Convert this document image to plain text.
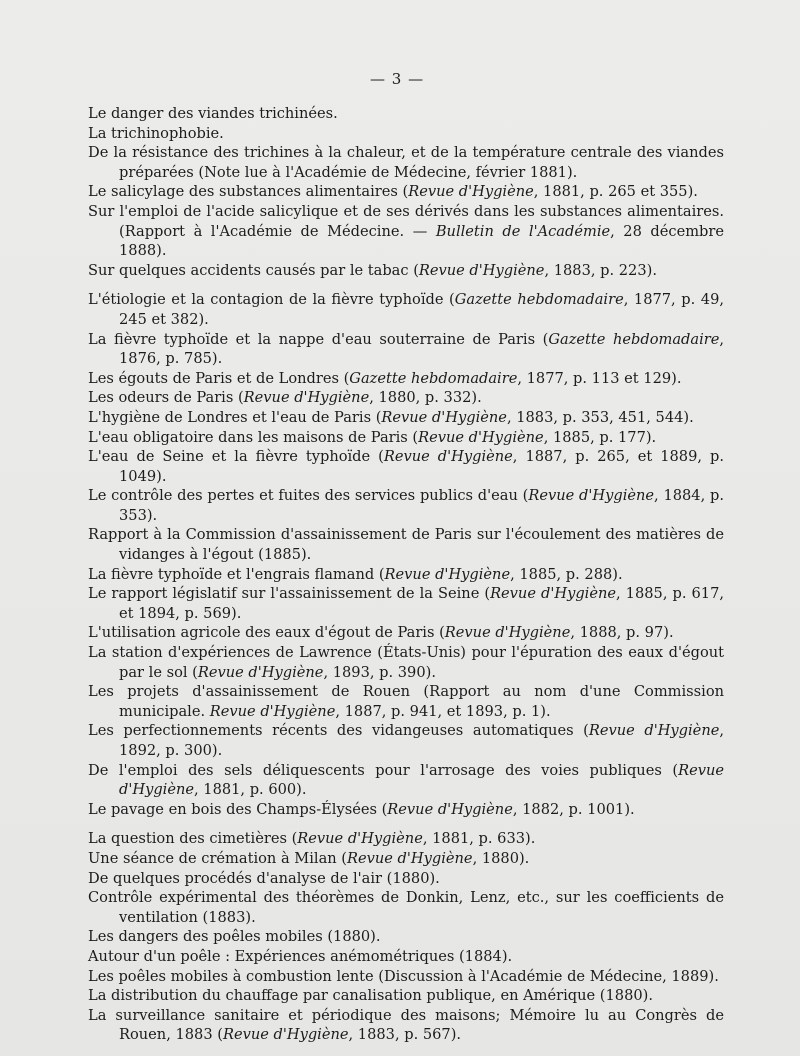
— 3 —

Le danger des viandes trichinées.

La trichinophobie.

De la résistance des trichines à la chaleur, et de la température centrale des viandes préparées (Note lue à l'Académie de Médecine, février 1881).

Le salicylage des substances alimentaires (Revue d'Hygiène, 1881, p. 265 et 355).

Sur l'emploi de l'acide salicylique et de ses dérivés dans les substances alimentaires. (Rapport à l'Académie de Médecine. — Bulletin de l'Académie, 28 décembre 1888).

Sur quelques accidents causés par le tabac (Revue d'Hygiène, 1883, p. 223).

L'étiologie et la contagion de la fièvre typhoïde (Gazette hebdomadaire, 1877, p. 49, 245 et 382).

La fièvre typhoïde et la nappe d'eau souterraine de Paris (Gazette hebdomadaire, 1876, p. 785).

Les égouts de Paris et de Londres (Gazette hebdomadaire, 1877, p. 113 et 129).

Les odeurs de Paris (Revue d'Hygiène, 1880, p. 332).

L'hygiène de Londres et l'eau de Paris (Revue d'Hygiène, 1883, p. 353, 451, 544).

L'eau obligatoire dans les maisons de Paris (Revue d'Hygiène, 1885, p. 177).

L'eau de Seine et la fièvre typhoïde (Revue d'Hygiène, 1887, p. 265, et 1889, p. 1049).

Le contrôle des pertes et fuites des services publics d'eau (Revue d'Hygiène, 1884, p. 353).

Rapport à la Commission d'assainissement de Paris sur l'écoulement des matières de vidanges à l'égout (1885).

La fièvre typhoïde et l'engrais flamand (Revue d'Hygiène, 1885, p. 288).

Le rapport législatif sur l'assainissement de la Seine (Revue d'Hygiène, 1885, p. 617, et 1894, p. 569).

L'utilisation agricole des eaux d'égout de Paris (Revue d'Hygiène, 1888, p. 97).

La station d'expériences de Lawrence (États-Unis) pour l'épuration des eaux d'égout par le sol (Revue d'Hygiène, 1893, p. 390).

Les projets d'assainissement de Rouen (Rapport au nom d'une Commission municipale. Revue d'Hygiène, 1887, p. 941, et 1893, p. 1).

Les perfectionnements récents des vidangeuses automatiques (Revue d'Hygiène, 1892, p. 300).

De l'emploi des sels déliquescents pour l'arrosage des voies publiques (Revue d'Hygiène, 1881, p. 600).

Le pavage en bois des Champs-Élysées (Revue d'Hygiène, 1882, p. 1001).

La question des cimetières (Revue d'Hygiène, 1881, p. 633).

Une séance de crémation à Milan (Revue d'Hygiène, 1880).

De quelques procédés d'analyse de l'air (1880).

Contrôle expérimental des théorèmes de Donkin, Lenz, etc., sur les coefficients de ventilation (1883).

Les dangers des poêles mobiles (1880).

Autour d'un poêle : Expériences anémométriques (1884).

Les poêles mobiles à combustion lente (Discussion à l'Académie de Médecine, 1889).

La distribution du chauffage par canalisation publique, en Amérique (1880).

La surveillance sanitaire et périodique des maisons; Mémoire lu au Congrès de Rouen, 1883 (Revue d'Hygiène, 1883, p. 567).
